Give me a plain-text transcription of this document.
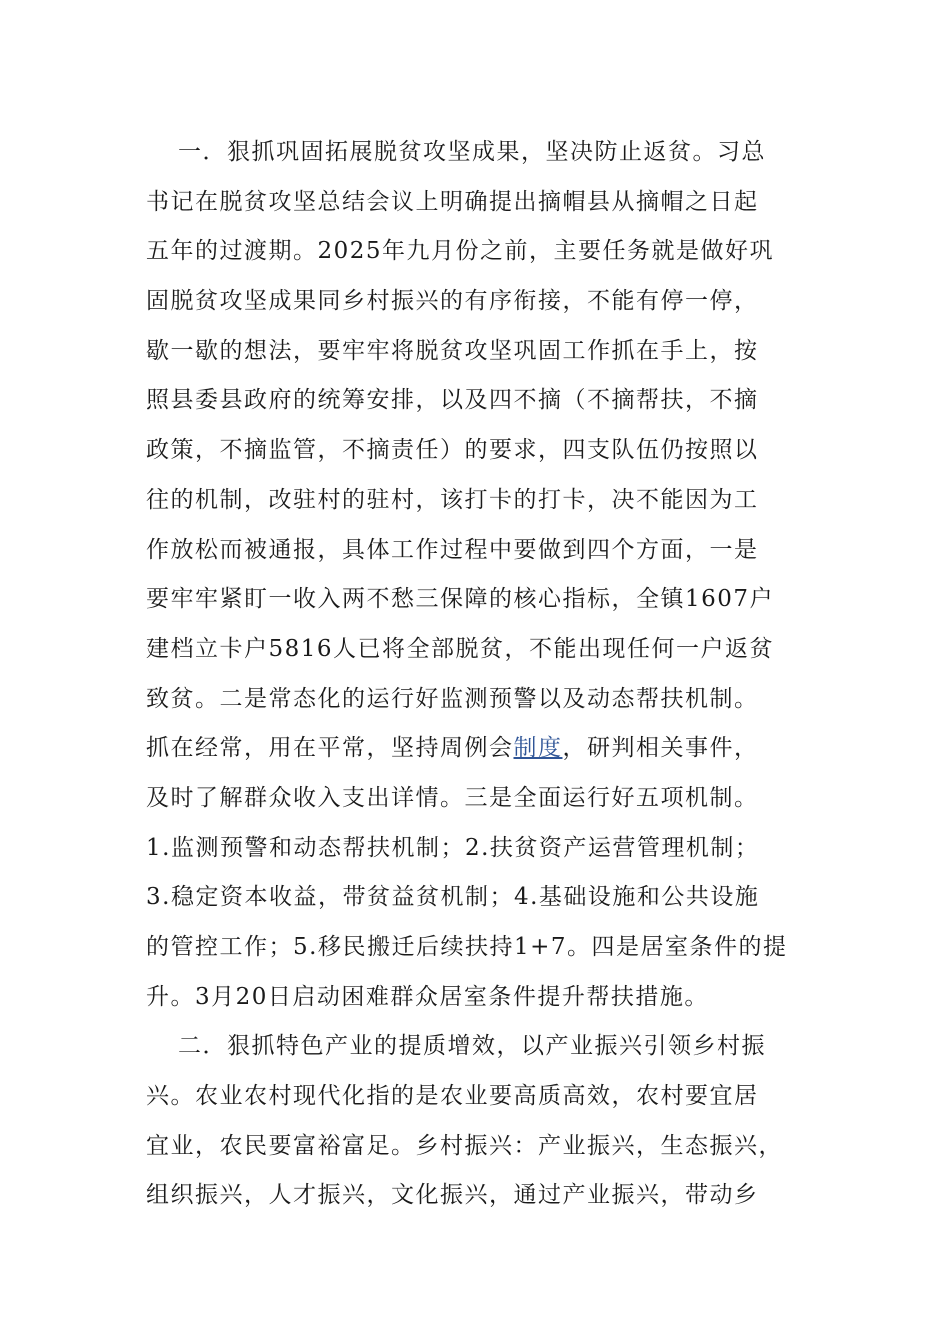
一．狠抓巩固拓展脱贫攻坚成果，坚决防止返贫。习总
书记在脱贫攻坚总结会议上明确提出摘帽县从摘帽之日起
五年的过渡期。2025年九月份之前，主要任务就是做好巩
固脱贫攻坚成果同乡村振兴的有序衔接，不能有停一停，
歇一歇的想法，要牢牢将脱贫攻坚巩固工作抓在手上，按
照县委县政府的统筹安排，以及四不摘（不摘帮扶，不摘
政策，不摘监管，不摘责任）的要求，四支队伍仍按照以
往的机制，改驻村的驻村，该打卡的打卡，决不能因为工
作放松而被通报，具体工作过程中要做到四个方面，一是
要牢牢紧盯一收入两不愁三保障的核心指标，全镇1607户
建档立卡户5816人已将全部脱贫，不能出现任何一户返贫
致贫。二是常态化的运行好监测预警以及动态帮扶机制。
抓在经常，用在平常，坚持周例会制度，研判相关事件，
及时了解群众收入支出详情。三是全面运行好五项机制。
1.监测预警和动态帮扶机制；2.扶贫资产运营管理机制；
3.稳定资本收益，带贫益贫机制；4.基础设施和公共设施
的管控工作；5.移民搬迁后续扶持1+7。四是居室条件的提
升。3月20日启动困难群众居室条件提升帮扶措施。
二．狠抓特色产业的提质增效，以产业振兴引领乡村振
兴。农业农村现代化指的是农业要高质高效，农村要宜居
宜业，农民要富裕富足。乡村振兴：产业振兴，生态振兴，
组织振兴，人才振兴，文化振兴，通过产业振兴，带动乡
